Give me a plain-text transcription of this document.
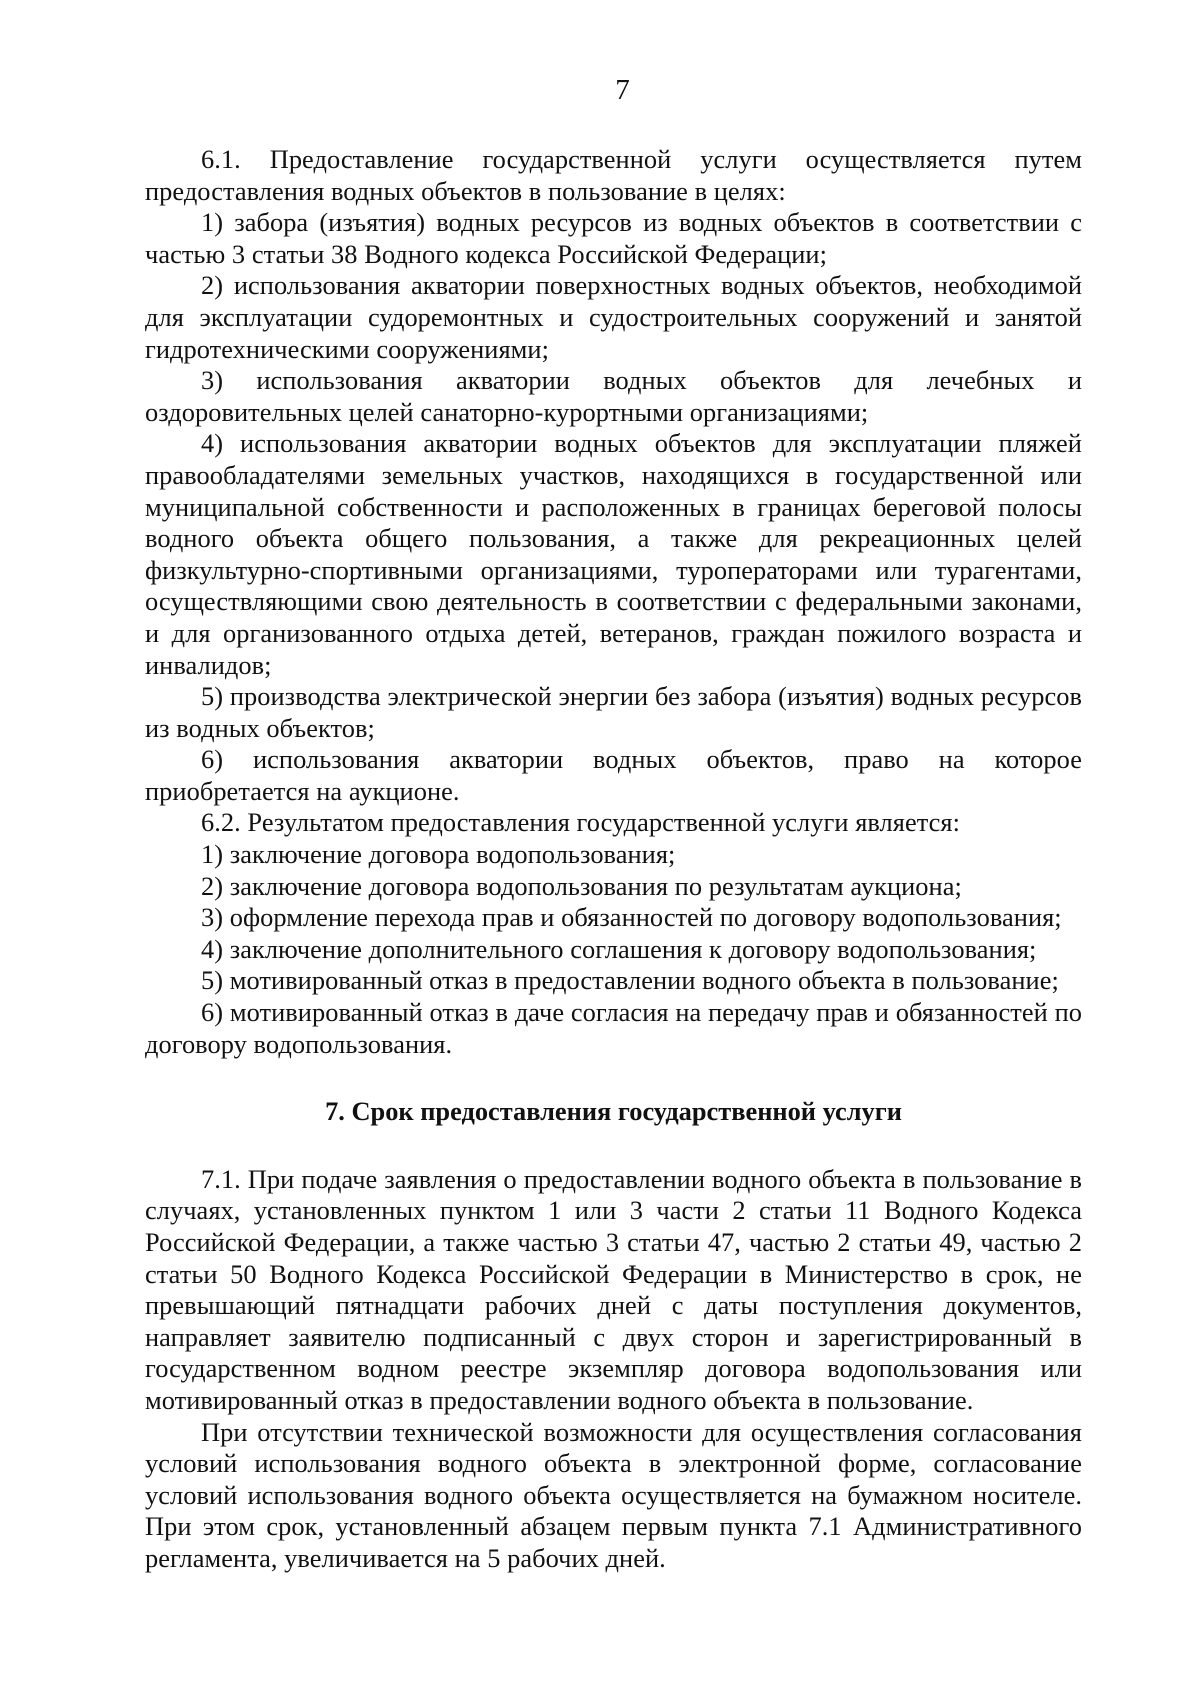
7

6.1. Предоставление государственной услуги осуществляется путем предоставления водных объектов в пользование в целях:

1) забора (изъятия) водных ресурсов из водных объектов в соответствии с частью 3 статьи 38 Водного кодекса Российской Федерации;

2) использования акватории поверхностных водных объектов, необходимой для эксплуатации судоремонтных и судостроительных сооружений и занятой гидротехническими сооружениями;

3) использования акватории водных объектов для лечебных и оздоровительных целей санаторно-курортными организациями;

4) использования акватории водных объектов для эксплуатации пляжей правообладателями земельных участков, находящихся в государственной или муниципальной собственности и расположенных в границах береговой полосы водного объекта общего пользования, а также для рекреационных целей физкультурно-спортивными организациями, туроператорами или турагентами, осуществляющими свою деятельность в соответствии с федеральными законами, и для организованного отдыха детей, ветеранов, граждан пожилого возраста и инвалидов;

5) производства электрической энергии без забора (изъятия) водных ресурсов из водных объектов;

6) использования акватории водных объектов, право на которое приобретается на аукционе.

6.2. Результатом предоставления государственной услуги является:

1) заключение договора водопользования;

2) заключение договора водопользования по результатам аукциона;

3) оформление перехода прав и обязанностей по договору водопользования;

4) заключение дополнительного соглашения к договору водопользования;

5) мотивированный отказ в предоставлении водного объекта в пользование;

6) мотивированный отказ в даче согласия на передачу прав и обязанностей по договору водопользования.

7. Срок предоставления государственной услуги

7.1. При подаче заявления о предоставлении водного объекта в пользование в случаях, установленных пунктом 1 или 3 части 2 статьи 11 Водного Кодекса Российской Федерации, а также частью 3 статьи 47, частью 2 статьи 49, частью 2 статьи 50 Водного Кодекса Российской Федерации в Министерство в срок, не превышающий пятнадцати рабочих дней с даты поступления документов, направляет заявителю подписанный с двух сторон и зарегистрированный в государственном водном реестре экземпляр договора водопользования или мотивированный отказ в предоставлении водного объекта в пользование.

При отсутствии технической возможности для осуществления согласования условий использования водного объекта в электронной форме, согласование условий использования водного объекта осуществляется на бумажном носителе. При этом срок, установленный абзацем первым пункта 7.1 Административного регламента, увеличивается на 5 рабочих дней.
